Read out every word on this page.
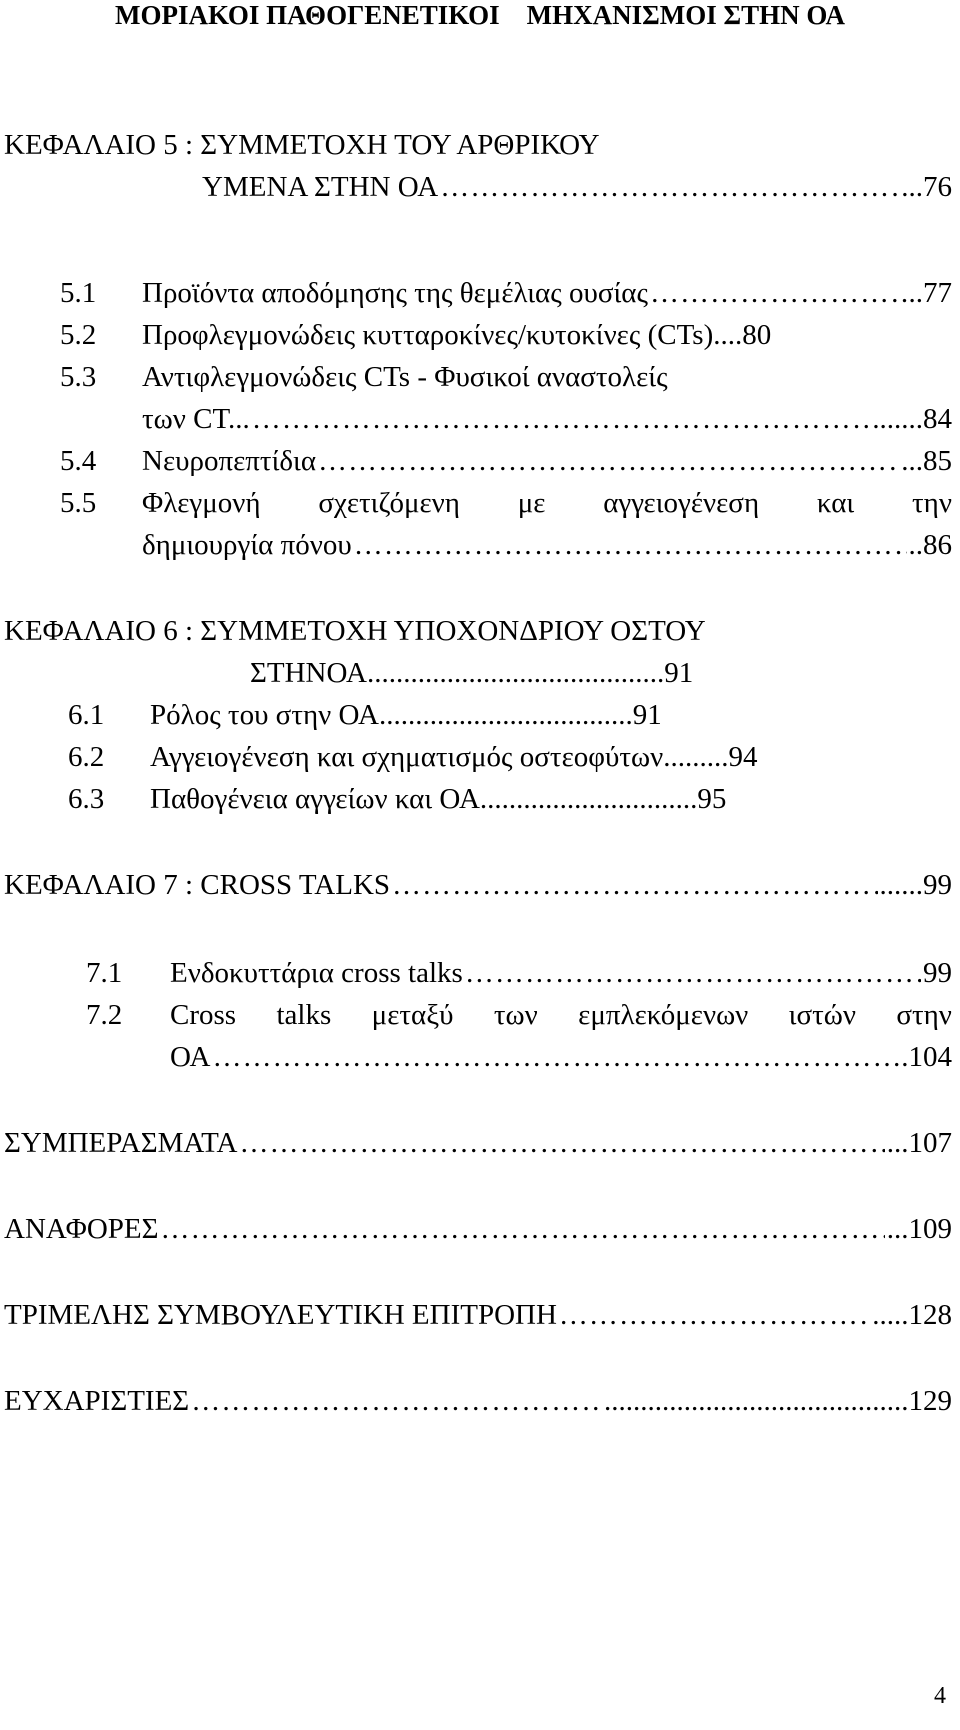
ΜΟΡΙΑΚΟΙ ΠΑΘΟΓΕΝΕΤΙΚΟΙ    ΜΗΧΑΝΙΣΜΟΙ ΣΤΗΝ ΟΑ
ΚΕΦΑΛΑΙΟ 5 : ΣΥΜΜΕΤΟΧΗ ΤΟΥ ΑΡΘΡΙΚΟΥ
ΥΜΕΝΑ ΣΤΗΝ ΟΑ …………………………………………………………………………………………………………………………………………………………………………………………………………	...76
5.1 Προϊόντα αποδόμησης της θεμέλιας ουσίας …………………………………………………………………………………………………………………………………………………………………………………………………………	..77
5.2 Προφλεγμονώδεις κυτταροκίνες/κυτοκίνες (CTs) ....80
5.3 Αντιφλεγμονώδεις CTs - Φυσικοί αναστολείς
των CT... …………………………………………………………………………………………………………………………………………………………………………………………………………	......84
5.4 Νευροπεπτίδια …………………………………………………………………………………………………………………………………………………………………………………………………………	...85
5.5	Φλεγμονή σχετιζόμενη με αγγειογένεση και την
δημιουργία πόνου …………………………………………………………………………………………………………………………………………………………………………………………………………	..86
ΚΕΦΑΛΑΙΟ 6 : ΣΥΜΜΕΤΟΧΗ ΥΠΟΧΟΝΔΡΙΟΥ ΟΣΤΟΥ
ΣΤΗΝΟΑ.........................................91
6.1 Ρόλος του στην ΟΑ...................................91
6.2 Αγγειογένεση και σχηματισμός οστεοφύτων.........94
6.3 Παθογένεια αγγείων και ΟΑ..............................95
ΚΕΦΑΛΑΙΟ 7 : CROSS TALKS …………………………………………………………………………………………………………………………………………………………………………………………………………	......99
7.1 Ενδοκυττάρια cross talks …………………………………………………………………………………………………………………………………………………………………………………………………………	99
7.2	Cross talks μεταξύ των εμπλεκόμενων ιστών στην
ΟΑ …………………………………………………………………………………………………………………………………………………………………………………………………………	.104
ΣΥΜΠΕΡΑΣΜΑΤΑ …………………………………………………………………………………………………………………………………………………………………………………………………………	...107
ΑΝΑΦΟΡΕΣ …………………………………………………………………………………………………………………………………………………………………………………………………………	...109
ΤΡΙΜΕΛΗΣ ΣΥΜΒΟΥΛΕΥΤΙΚΗ ΕΠΙΤΡΟΠΗ …………………………………………………………………………………………………………………………………………………………………………………………………………	.....128
ΕΥΧΑΡΙΣΤΙΕΣ …………………………………………………………………………………………………………………………………………………………………………………………………………	..........................................129
4
